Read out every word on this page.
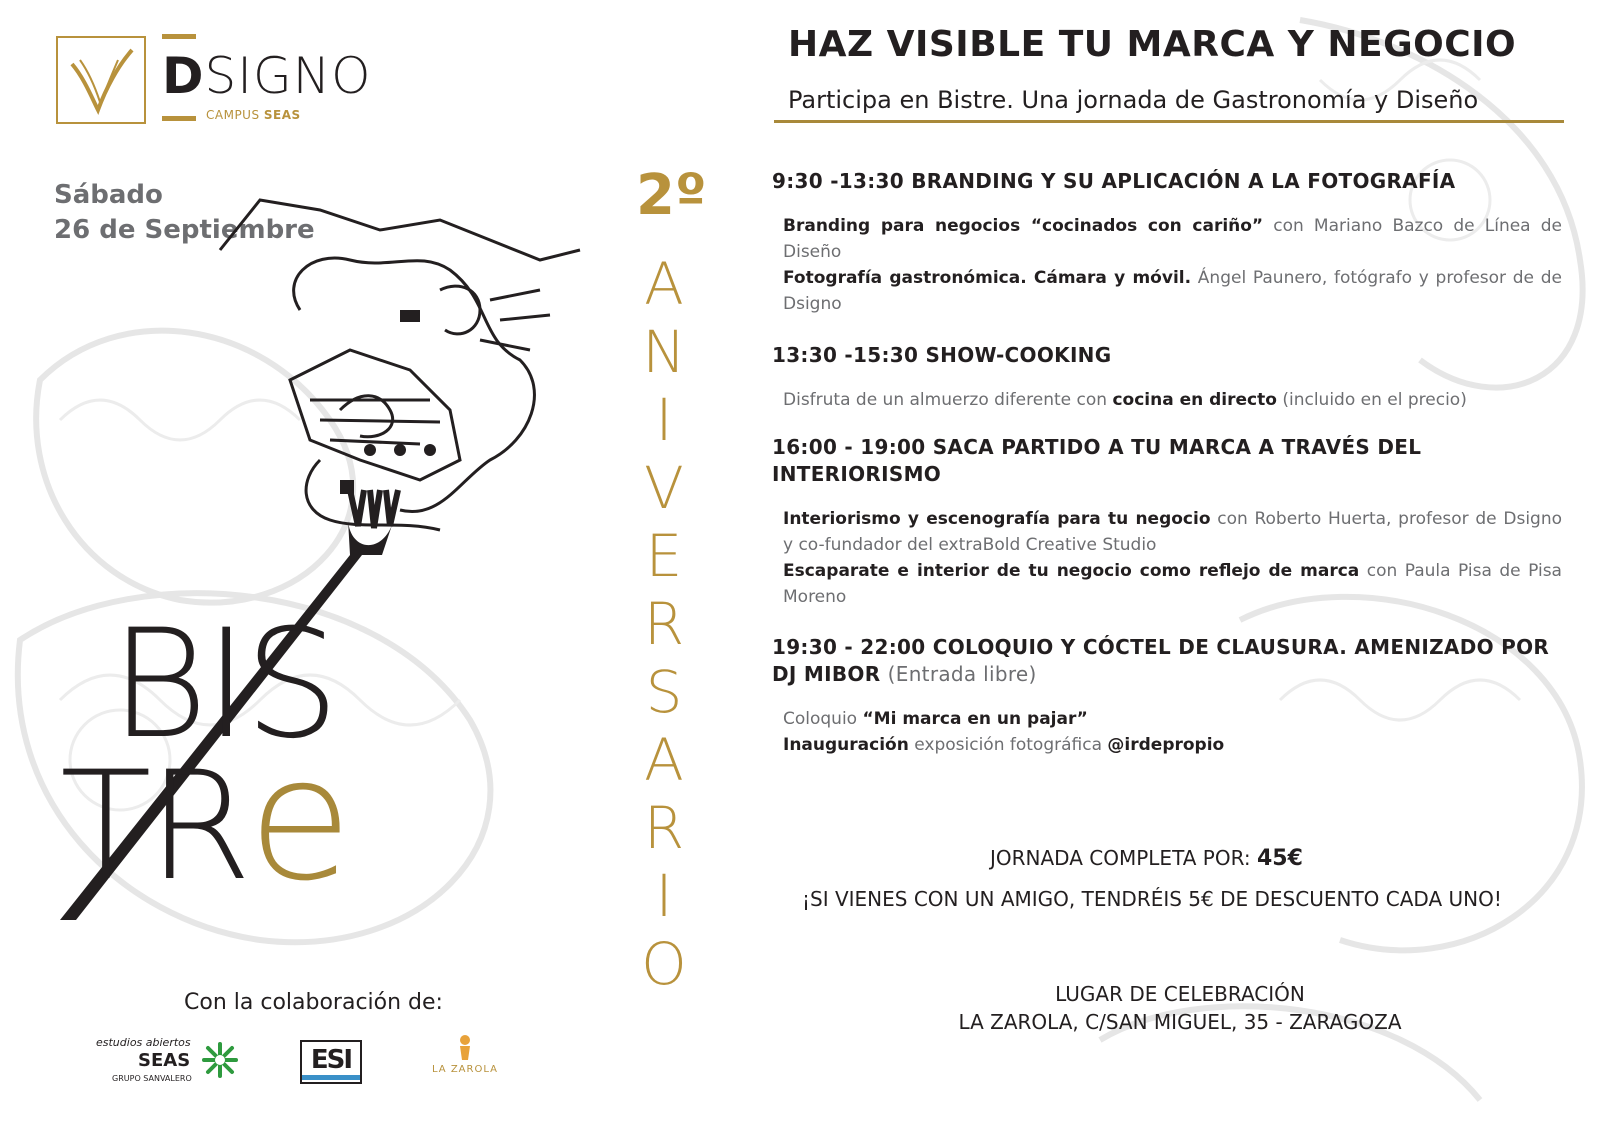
DSIGNO
CAMPUS SEAS
Sábado
26 de Septiembre
BIS
TRe
2º
A
N
I
V
E
R
S
A
R
I
O
Con la colaboración de:
estudios abiertos
SEAS
GRUPO SANVALERO
ESI	LA ZAROLA
HAZ VISIBLE TU MARCA Y NEGOCIO
Participa en Bistre. Una jornada de Gastronomía y Diseño
9:30 -13:30 BRANDING Y SU APLICACIÓN A LA FOTOGRAFÍA

Branding para negocios “cocinados con cariño” con Mariano Bazco de Línea de Diseño

Fotografía gastronómica. Cámara y móvil. Ángel Paunero, fotógrafo y profesor de de Dsigno

13:30 -15:30 SHOW-COOKING

Disfruta de un almuerzo diferente con cocina en directo (incluido en el precio)

16:00 - 19:00 SACA PARTIDO A TU MARCA A TRAVÉS DEL INTERIORISMO

Interiorismo y escenografía para tu negocio con Roberto Huerta, profesor de Dsigno y co-fundador del extraBold Creative Studio

Escaparate e interior de tu negocio como reflejo de marca con Paula Pisa de Pisa Moreno

19:30 - 22:00 COLOQUIO Y CÓCTEL DE CLAUSURA. AMENIZADO POR DJ MIBOR (Entrada libre)

Coloquio “Mi marca en un pajar”

Inauguración exposición fotográfica @irdepropio

JORNADA COMPLETA POR: 45€
¡SI VIENES CON UN AMIGO, TENDRÉIS 5€ DE DESCUENTO CADA UNO!
LUGAR DE CELEBRACIÓN
LA ZAROLA, C/SAN MIGUEL, 35 - ZARAGOZA
